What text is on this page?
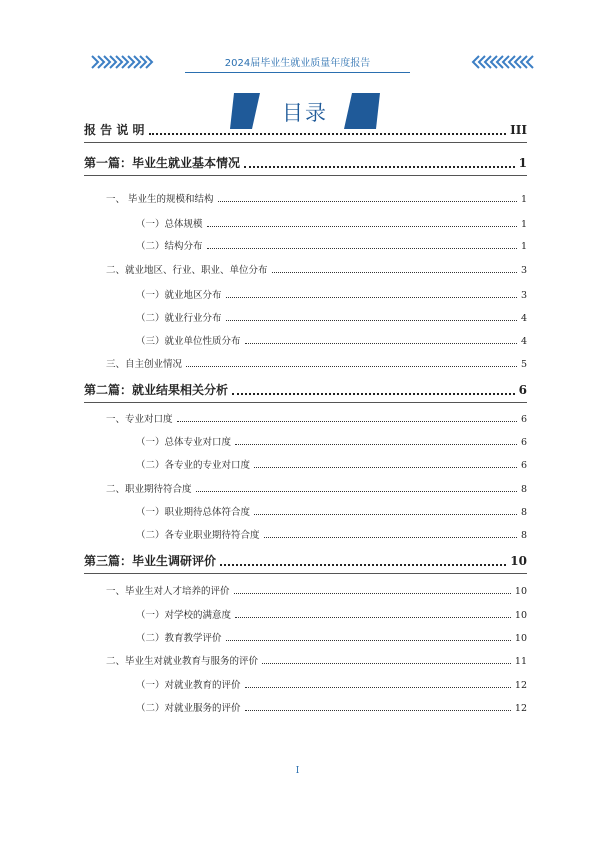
2024届毕业生就业质量年度报告
目录
报 告 说 明	III
第一篇：毕业生就业基本情况	1
一、 毕业生的规模和结构	1
（一）总体规模	1
（二）结构分布	1
二、就业地区、行业、职业、单位分布	3
（一）就业地区分布	3
（二）就业行业分布	4
（三）就业单位性质分布	4
三、自主创业情况	5
第二篇：就业结果相关分析	6
一、专业对口度	6
（一）总体专业对口度	6
（二）各专业的专业对口度	6
二、职业期待符合度	8
（一）职业期待总体符合度	8
（二）各专业职业期待符合度	8
第三篇：毕业生调研评价	10
一、毕业生对人才培养的评价	10
（一）对学校的满意度	10
（二）教育教学评价	10
二、毕业生对就业教育与服务的评价	11
（一）对就业教育的评价	12
（二）对就业服务的评价	12
I
